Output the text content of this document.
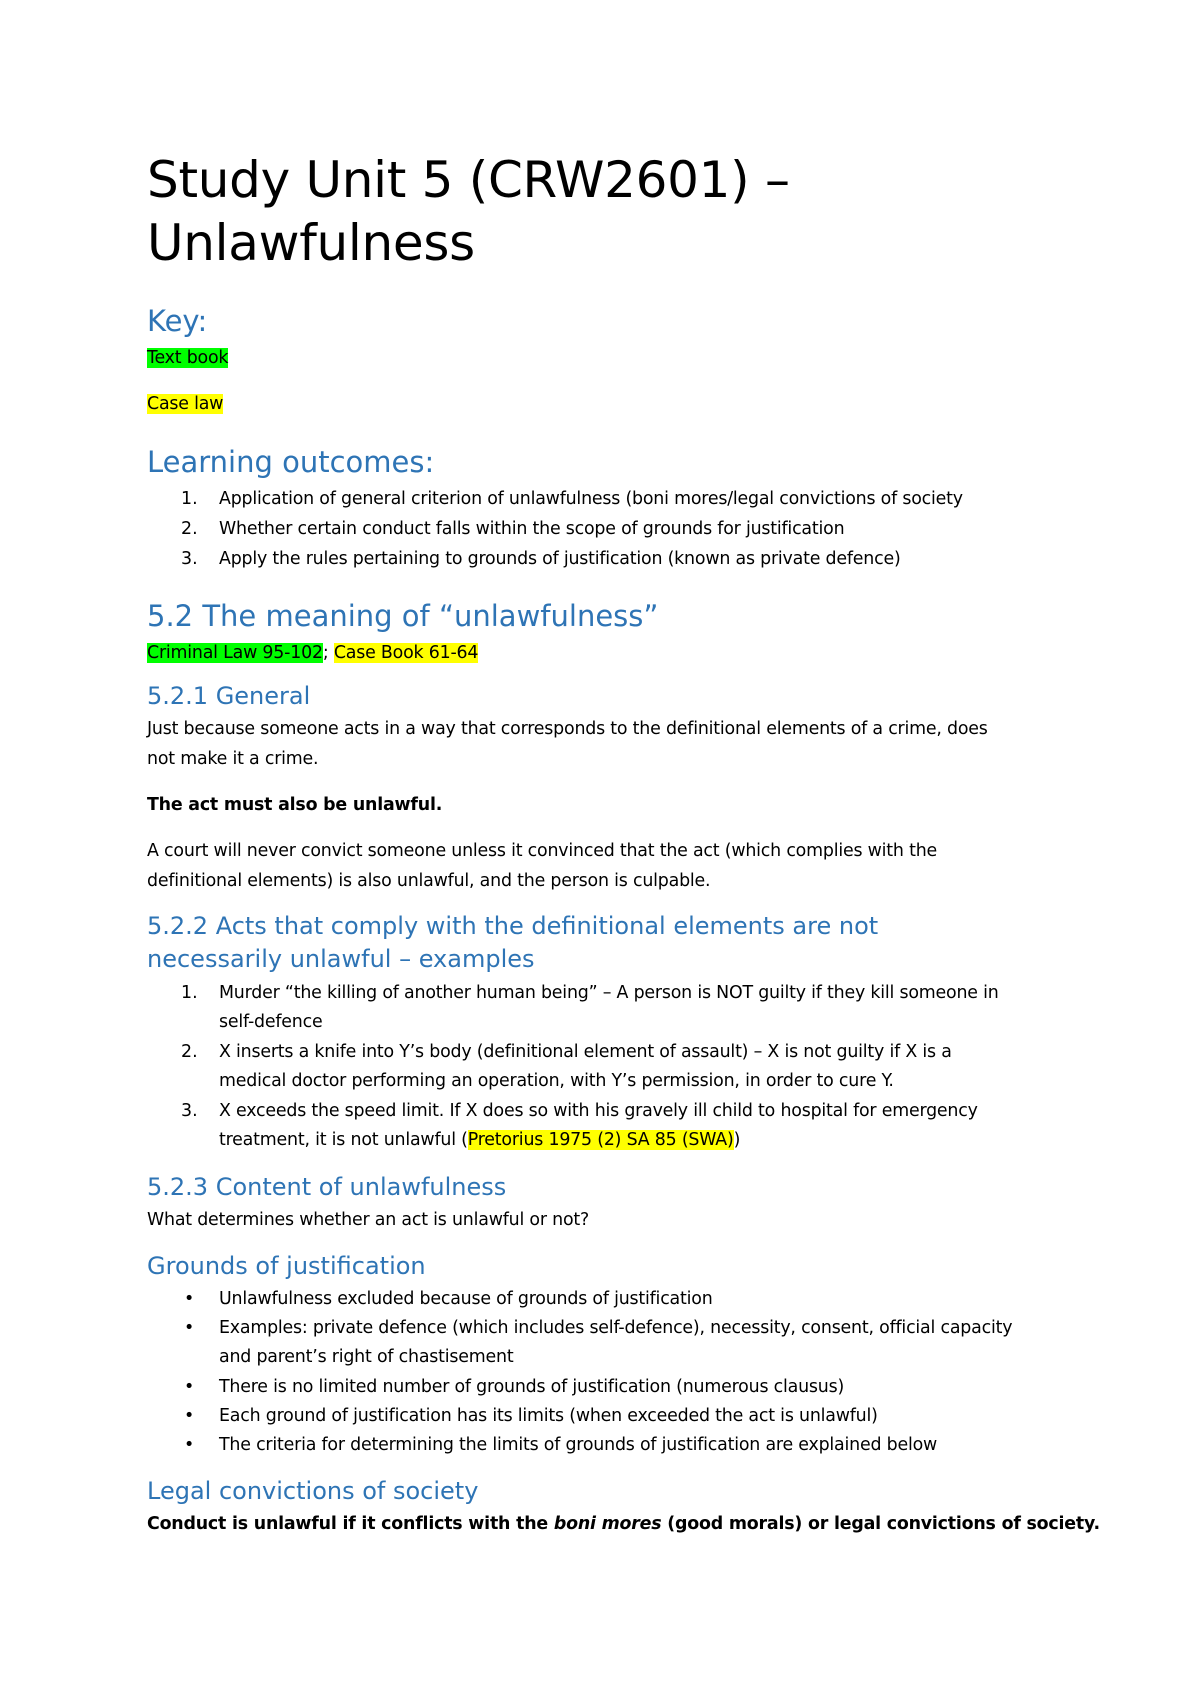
Study Unit 5 (CRW2601) –
Unlawfulness
Key:

Text book

Case law

Learning outcomes:
1. Application of general criterion of unlawfulness (boni mores/legal convictions of society

2. Whether certain conduct falls within the scope of grounds for justification

3. Apply the rules pertaining to grounds of justification (known as private defence)

5.2 The meaning of “unlawfulness”

Criminal Law 95-102; Case Book 61-64

5.2.1 General

Just because someone acts in a way that corresponds to the definitional elements of a crime, does

not make it a crime.

The act must also be unlawful.

A court will never convict someone unless it convinced that the act (which complies with the

definitional elements) is also unlawful, and the person is culpable.

5.2.2 Acts that comply with the definitional elements are not
necessarily unlawful – examples
1. Murder “the killing of another human being” – A person is NOT guilty if they kill someone in

self-defence

2. X inserts a knife into Y’s body (definitional element of assault) – X is not guilty if X is a

medical doctor performing an operation, with Y’s permission, in order to cure Y.

3. X exceeds the speed limit. If X does so with his gravely ill child to hospital for emergency

treatment, it is not unlawful (Pretorius 1975 (2) SA 85 (SWA))

5.2.3 Content of unlawfulness

What determines whether an act is unlawful or not?

Grounds of justification
• Unlawfulness excluded because of grounds of justification

• Examples: private defence (which includes self-defence), necessity, consent, official capacity

and parent’s right of chastisement

• There is no limited number of grounds of justification (numerous clausus)

• Each ground of justification has its limits (when exceeded the act is unlawful)

• The criteria for determining the limits of grounds of justification are explained below

Legal convictions of society

Conduct is unlawful if it conflicts with the boni mores (good morals) or legal convictions of society.
